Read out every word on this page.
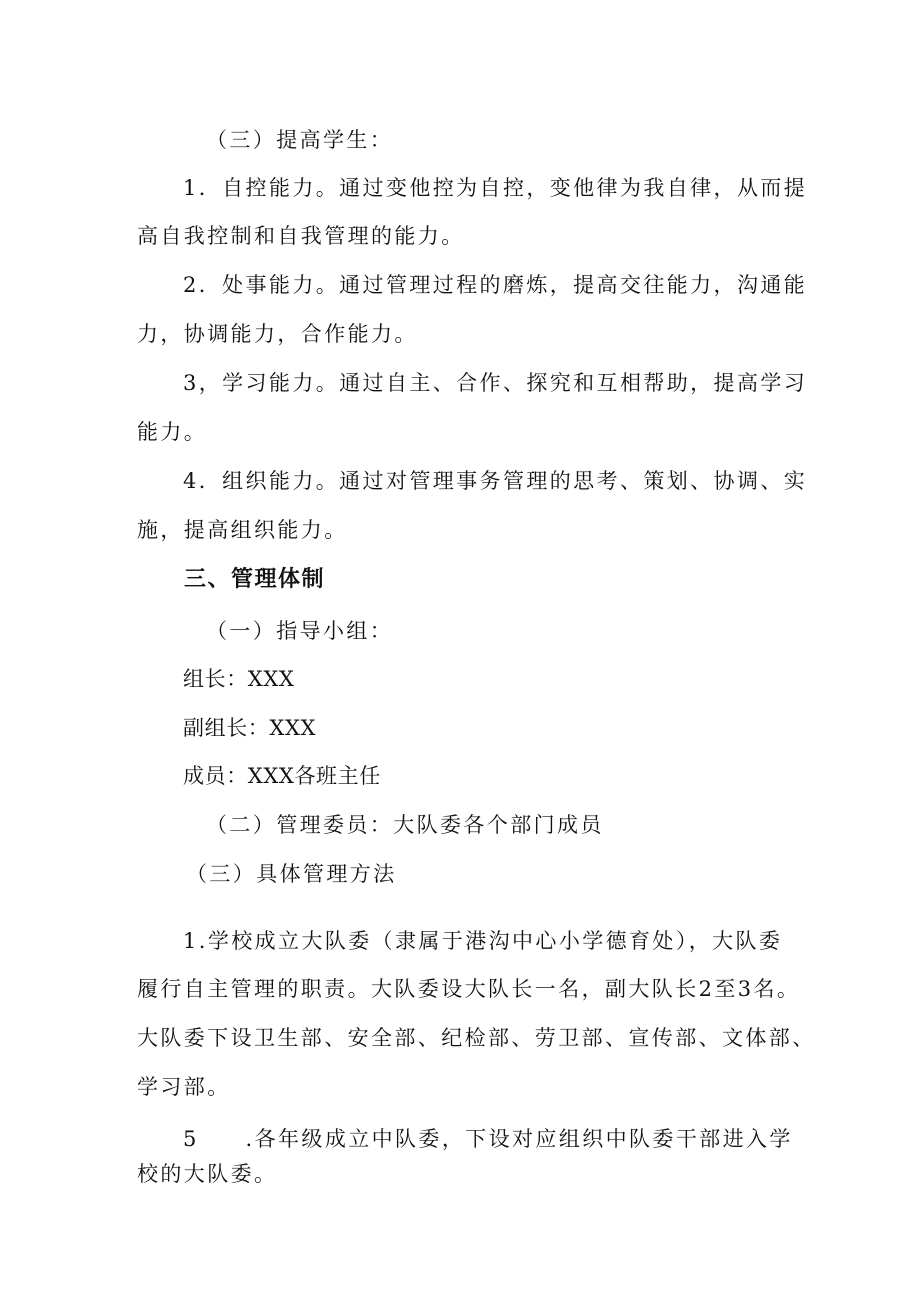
（三）提高学生：
1．自控能力。通过变他控为自控，变他律为我自律，从而提
高自我控制和自我管理的能力。
2．处事能力。通过管理过程的磨炼，提高交往能力，沟通能
力，协调能力，合作能力。
3，学习能力。通过自主、合作、探究和互相帮助，提高学习
能力。
4．组织能力。通过对管理事务管理的思考、策划、协调、实
施，提高组织能力。
三、管理体制
（一）指导小组：
组长：XXX
副组长：XXX
成员：XXX各班主任
（二）管理委员：大队委各个部门成员
（三）具体管理方法
1.学校成立大队委（隶属于港沟中心小学德育处），大队委
履行自主管理的职责。大队委设大队长一名，副大队长2至3名。
大队委下设卫生部、安全部、纪检部、劳卫部、宣传部、文体部、
学习部。
5　　.各年级成立中队委，下设对应组织中队委干部进入学
校的大队委。
